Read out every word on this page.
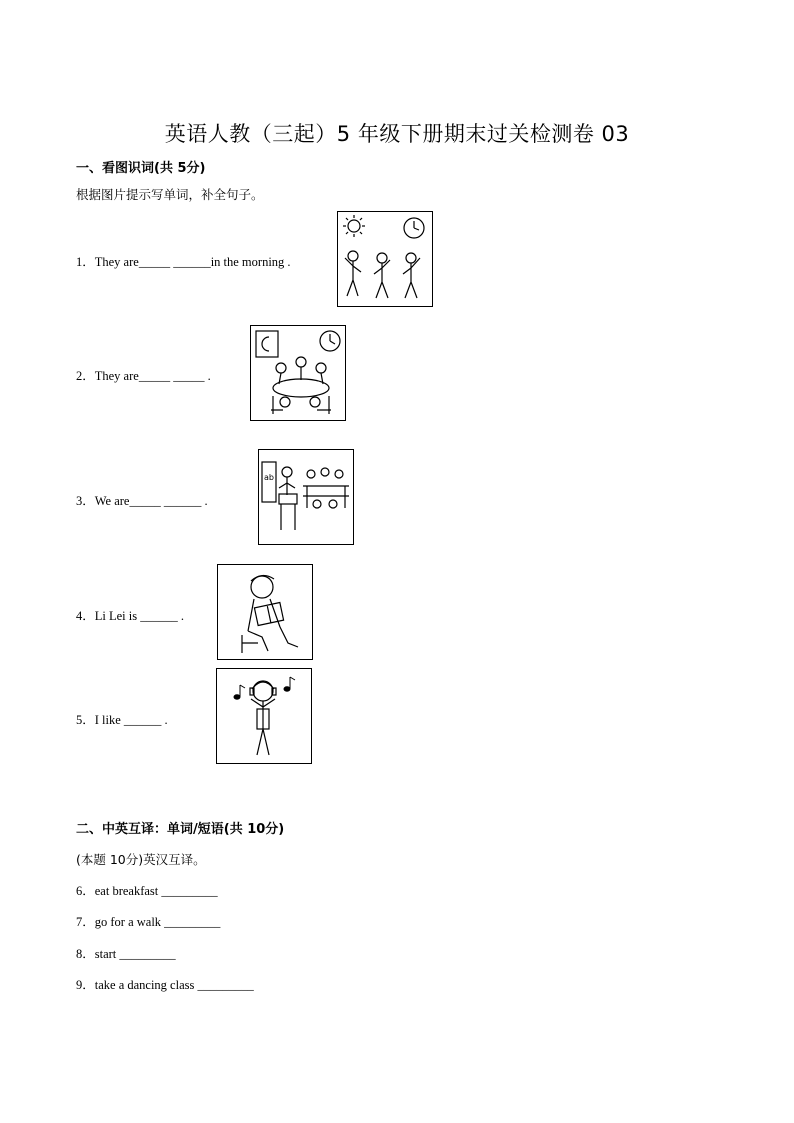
英语人教（三起）5 年级下册期末过关检测卷 03
一、看图识词(共 5分)
根据图片提示写单词，补全句子。
1．They are_____ ______in the morning .
2．They are_____ _____ .
3．We are_____ ______ .
ab
4．Li Lei is ______ .
5．I like ______ .
二、中英互译：单词/短语(共 10分)
(本题 10分)英汉互译。
6．eat breakfast _________
7．go for a walk _________
8．start _________
9．take a dancing class _________
